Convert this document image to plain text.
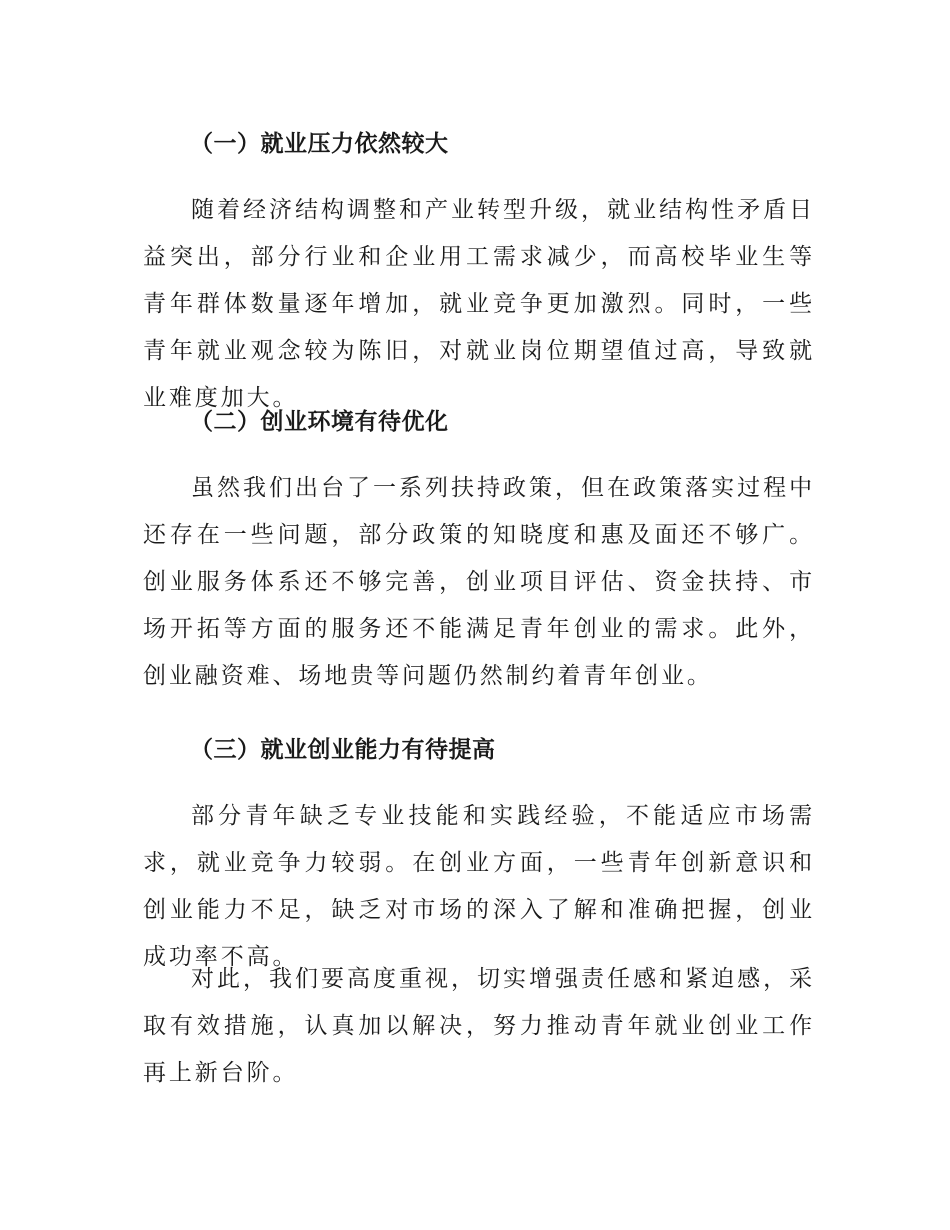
（一）就业压力依然较大

随着经济结构调整和产业转型升级，就业结构性矛盾日益突出，部分行业和企业用工需求减少，而高校毕业生等青年群体数量逐年增加，就业竞争更加激烈。同时，一些青年就业观念较为陈旧，对就业岗位期望值过高，导致就业难度加大。

（二）创业环境有待优化

虽然我们出台了一系列扶持政策，但在政策落实过程中还存在一些问题，部分政策的知晓度和惠及面还不够广。创业服务体系还不够完善，创业项目评估、资金扶持、市场开拓等方面的服务还不能满足青年创业的需求。此外，创业融资难、场地贵等问题仍然制约着青年创业。

（三）就业创业能力有待提高

部分青年缺乏专业技能和实践经验，不能适应市场需求，就业竞争力较弱。在创业方面，一些青年创新意识和创业能力不足，缺乏对市场的深入了解和准确把握，创业成功率不高。

对此，我们要高度重视，切实增强责任感和紧迫感，采取有效措施，认真加以解决，努力推动青年就业创业工作再上新台阶。
